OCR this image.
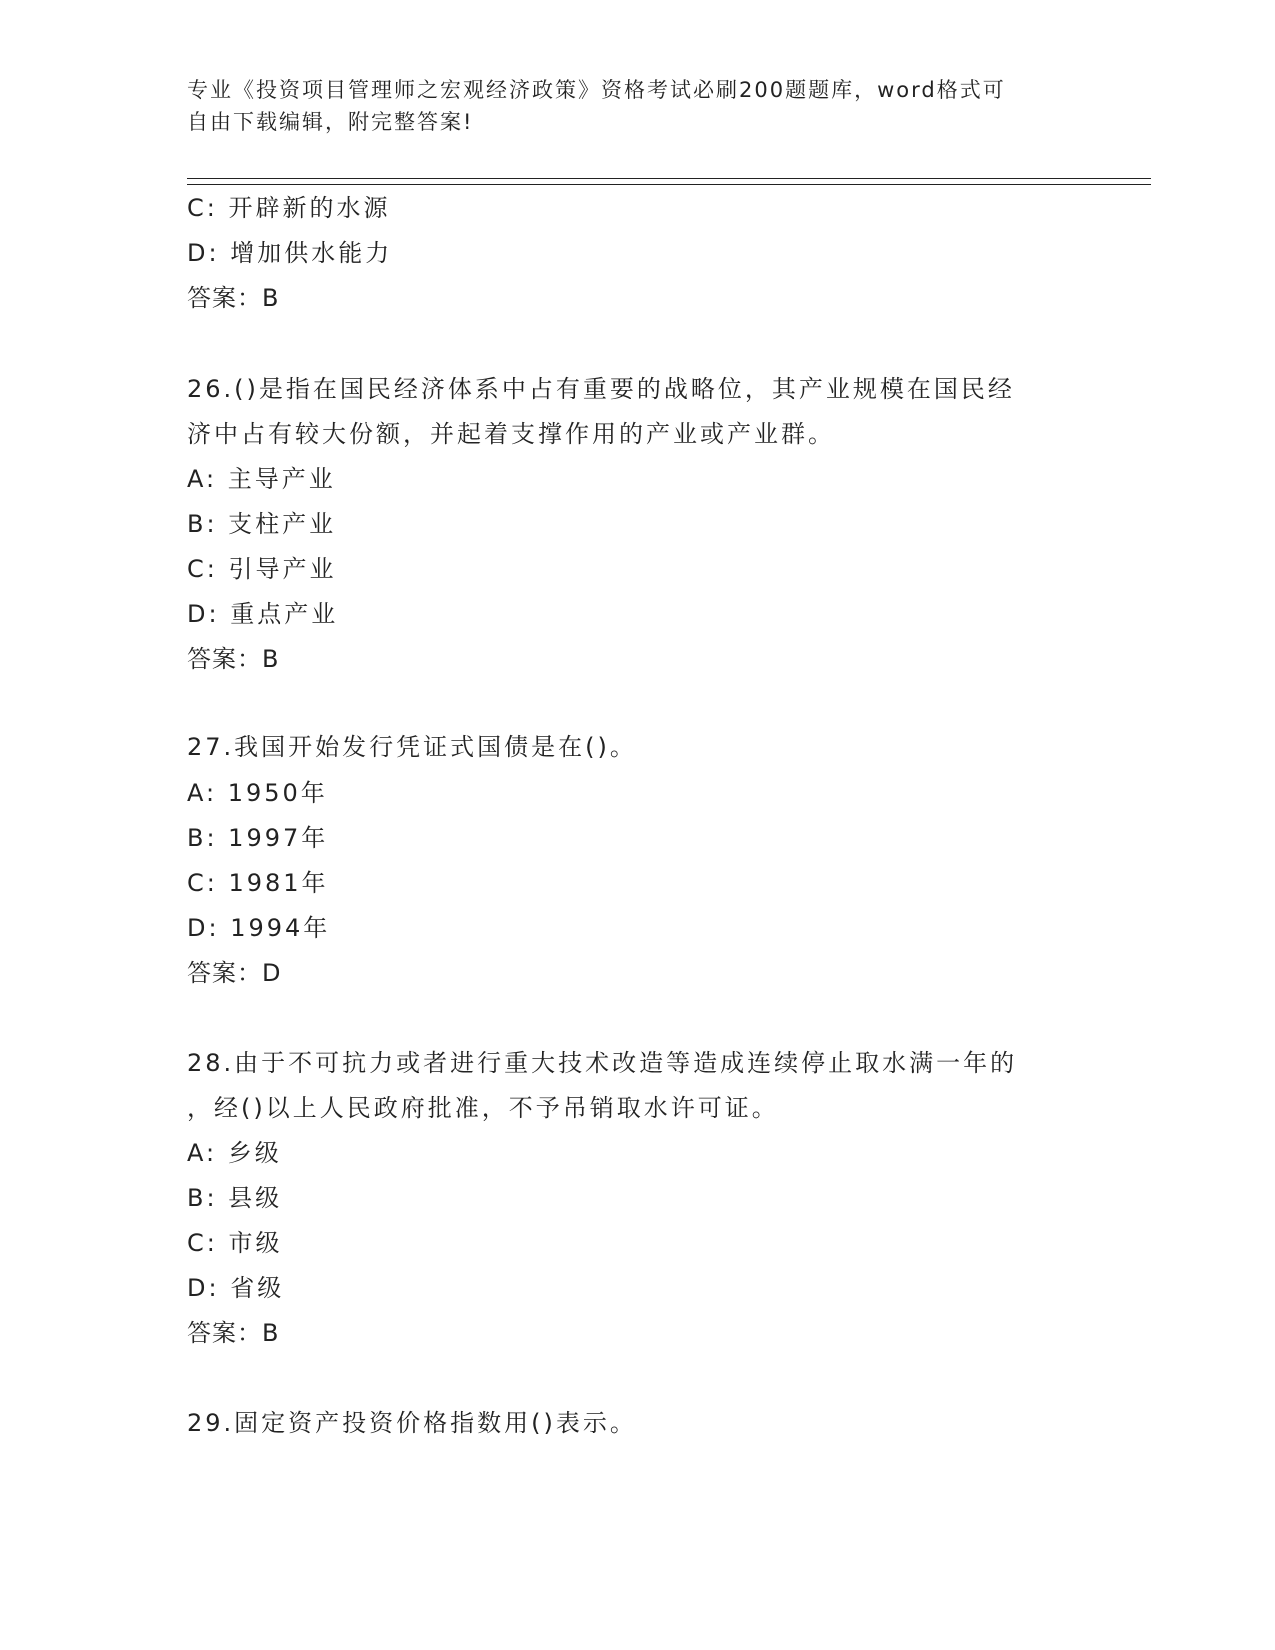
专业《投资项目管理师之宏观经济政策》资格考试必刷200题题库，word格式可
自由下载编辑，附完整答案!
C: 开辟新的水源
D: 增加供水能力
答案：B
26.()是指在国民经济体系中占有重要的战略位，其产业规模在国民经
济中占有较大份额，并起着支撑作用的产业或产业群。
A: 主导产业
B: 支柱产业
C: 引导产业
D: 重点产业
答案：B
27.我国开始发行凭证式国债是在()。
A: 1950年
B: 1997年
C: 1981年
D: 1994年
答案：D
28.由于不可抗力或者进行重大技术改造等造成连续停止取水满一年的
，经()以上人民政府批准，不予吊销取水许可证。
A: 乡级
B: 县级
C: 市级
D: 省级
答案：B
29.固定资产投资价格指数用()表示。
